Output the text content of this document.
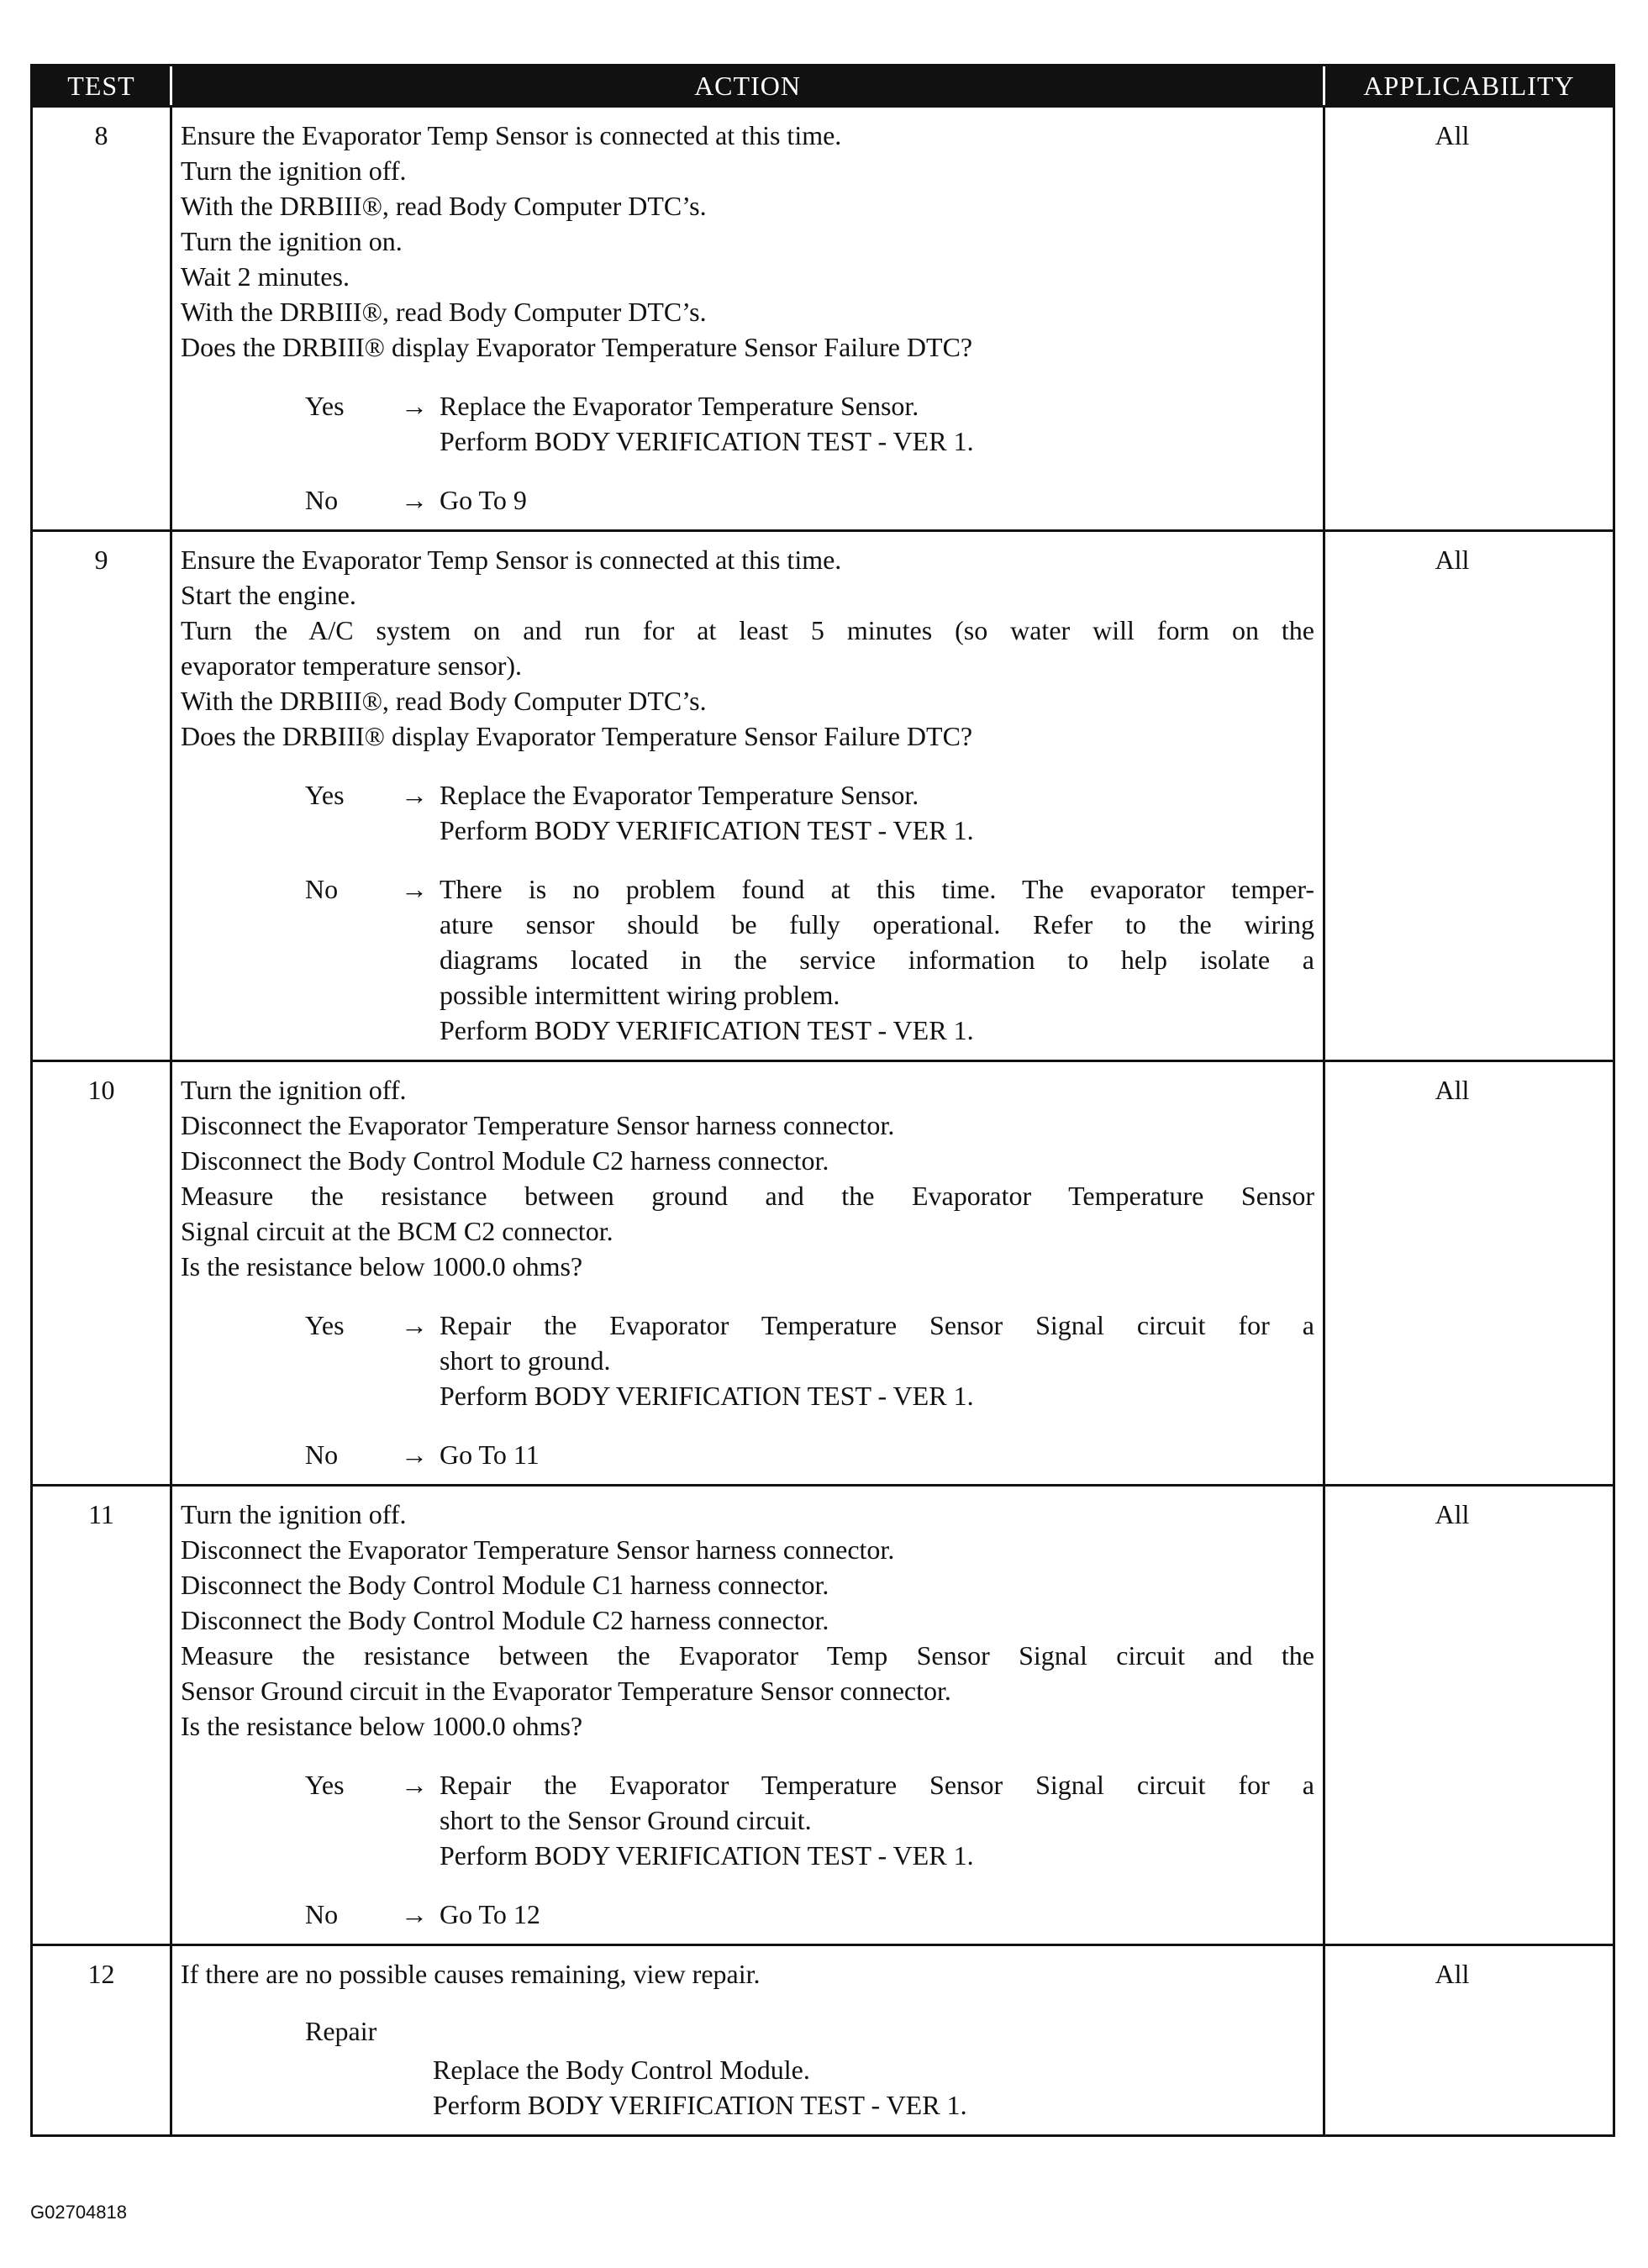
TEST	ACTION	APPLICABILITY
8	Ensure the Evaporator Temp Sensor is connected at this time.
Turn the ignition off.
With the DRBIII®, read Body Computer DTC’s.
Turn the ignition on.
Wait 2 minutes.
With the DRBIII®, read Body Computer DTC’s.
Does the DRBIII® display Evaporator Temperature Sensor Failure DTC?
Yes	→ Replace the Evaporator Temperature Sensor.
Perform BODY VERIFICATION TEST - VER 1.
No	→ Go To 9
All
9	Ensure the Evaporator Temp Sensor is connected at this time.
Start the engine.
Turn the A/C system on and run for at least 5 minutes (so water will form on the
evaporator temperature sensor).
With the DRBIII®, read Body Computer DTC’s.
Does the DRBIII® display Evaporator Temperature Sensor Failure DTC?
Yes	→ Replace the Evaporator Temperature Sensor.
Perform BODY VERIFICATION TEST - VER 1.
No	→ There is no problem found at this time. The evaporator temper-
ature sensor should be fully operational. Refer to the wiring
diagrams located in the service information to help isolate a
possible intermittent wiring problem.
Perform BODY VERIFICATION TEST - VER 1.
All
10	Turn the ignition off.
Disconnect the Evaporator Temperature Sensor harness connector.
Disconnect the Body Control Module C2 harness connector.
Measure the resistance between ground and the Evaporator Temperature Sensor
Signal circuit at the BCM C2 connector.
Is the resistance below 1000.0 ohms?
Yes	→ Repair the Evaporator Temperature Sensor Signal circuit for a
short to ground.
Perform BODY VERIFICATION TEST - VER 1.
No	→ Go To 11
All
11	Turn the ignition off.
Disconnect the Evaporator Temperature Sensor harness connector.
Disconnect the Body Control Module C1 harness connector.
Disconnect the Body Control Module C2 harness connector.
Measure the resistance between the Evaporator Temp Sensor Signal circuit and the
Sensor Ground circuit in the Evaporator Temperature Sensor connector.
Is the resistance below 1000.0 ohms?
Yes	→ Repair the Evaporator Temperature Sensor Signal circuit for a
short to the Sensor Ground circuit.
Perform BODY VERIFICATION TEST - VER 1.
No	→ Go To 12
All
12	If there are no possible causes remaining, view repair.
Repair
Replace the Body Control Module.
Perform BODY VERIFICATION TEST - VER 1.
All
G02704818
